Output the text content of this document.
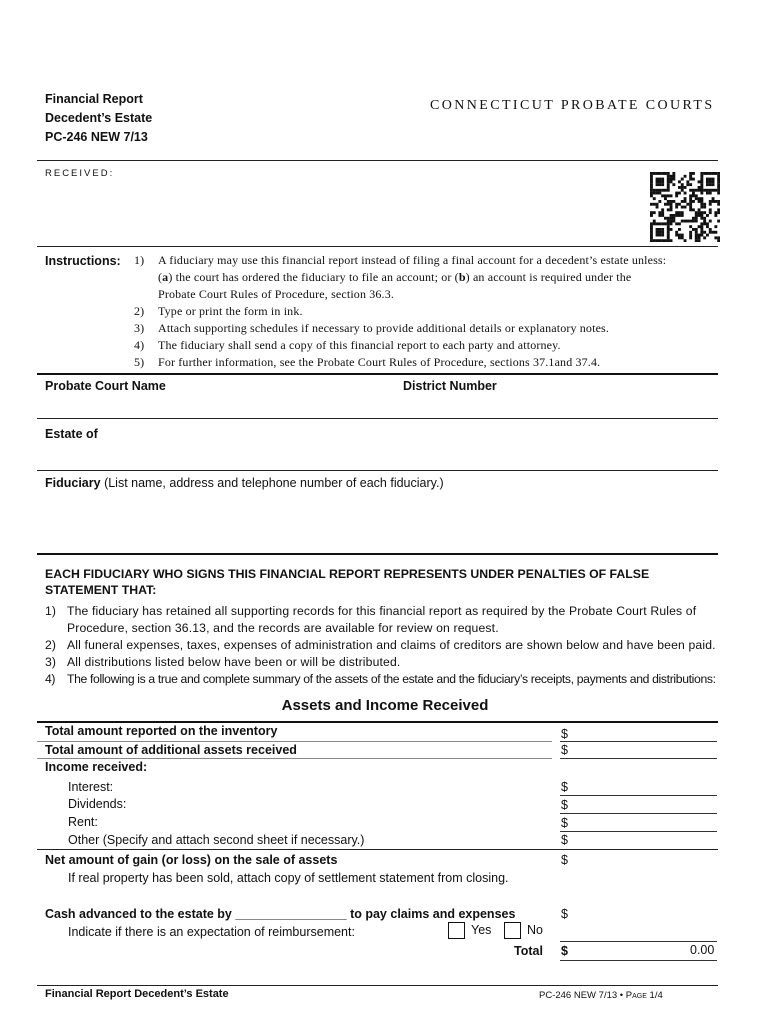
Financial Report
Decedent’s Estate
PC-246 NEW 7/13
CONNECTICUT PROBATE COURTS
RECEIVED:
Instructions: 1) A fiduciary may use this financial report instead of filing a final account for a decedent’s estate unless:
(a) the court has ordered the fiduciary to file an account; or (b) an account is required under the
Probate Court Rules of Procedure, section 36.3.
2) Type or print the form in ink.
3) Attach supporting schedules if necessary to provide additional details or explanatory notes.
4) The fiduciary shall send a copy of this financial report to each party and attorney.
5) For further information, see the Probate Court Rules of Procedure, sections 37.1and 37.4.
Probate Court Name	District Number
Estate of
Fiduciary (List name, address and telephone number of each fiduciary.)
EACH FIDUCIARY WHO SIGNS THIS FINANCIAL REPORT REPRESENTS UNDER PENALTIES OF FALSE
STATEMENT THAT:
1) The fiduciary has retained all supporting records for this financial report as required by the Probate Court Rules of
Procedure, section 36.13, and the records are available for review on request.
2) All funeral expenses, taxes, expenses of administration and claims of creditors are shown below and have been paid.
3) All distributions listed below have been or will be distributed.
4) The following is a true and complete summary of the assets of the estate and the fiduciary’s receipts, payments and distributions:
Assets and Income Received
Total amount reported on the inventory	$
Total amount of additional assets received	$
Income received:
Interest:	$
Dividends:	$
Rent:	$
Other (Specify and attach second sheet if necessary.)	$
Net amount of gain (or loss) on the sale of assets	$
If real property has been sold, attach copy of settlement statement from closing.
Cash advanced to the estate by ________________ to pay claims and expenses	$
Indicate if there is an expectation of reimbursement:	Yes	No
Total $	0.00
Financial Report Decedent’s Estate	PC-246 NEW 7/13 • Page 1/4
